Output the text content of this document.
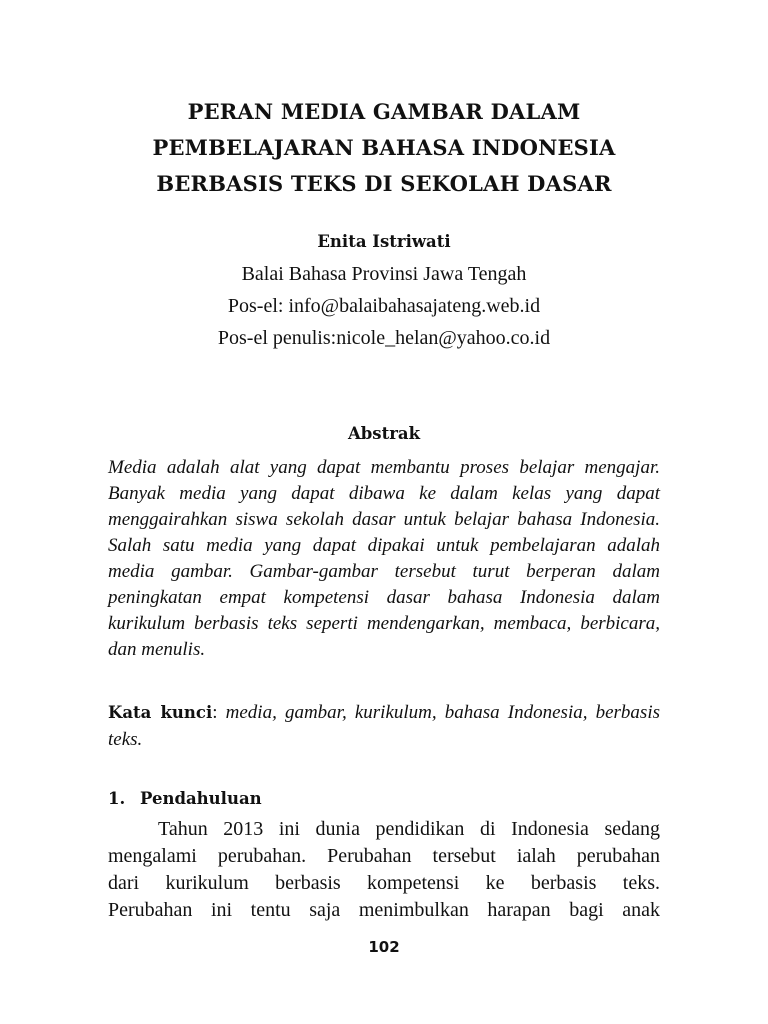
PERAN MEDIA GAMBAR DALAM
PEMBELAJARAN BAHASA INDONESIA
BERBASIS TEKS DI SEKOLAH DASAR
Enita Istriwati
Balai Bahasa Provinsi Jawa Tengah
Pos-el: info@balaibahasajateng.web.id
Pos-el penulis:nicole_helan@yahoo.co.id
Abstrak
Media adalah alat yang dapat membantu proses belajar mengajar.
Banyak media yang dapat dibawa ke dalam kelas yang dapat
menggairahkan siswa sekolah dasar untuk belajar bahasa Indonesia.
Salah satu media yang dapat dipakai untuk pembelajaran adalah
media gambar. Gambar-gambar tersebut turut berperan dalam
peningkatan empat kompetensi dasar bahasa Indonesia dalam
kurikulum berbasis teks seperti mendengarkan, membaca, berbicara,
dan menulis.
Kata kunci: media, gambar, kurikulum, bahasa Indonesia, berbasis
teks.
1. Pendahuluan
Tahun 2013 ini dunia pendidikan di Indonesia sedang
mengalami perubahan. Perubahan tersebut ialah perubahan
dari kurikulum berbasis kompetensi ke berbasis teks.
Perubahan ini tentu saja menimbulkan harapan bagi anak
102
